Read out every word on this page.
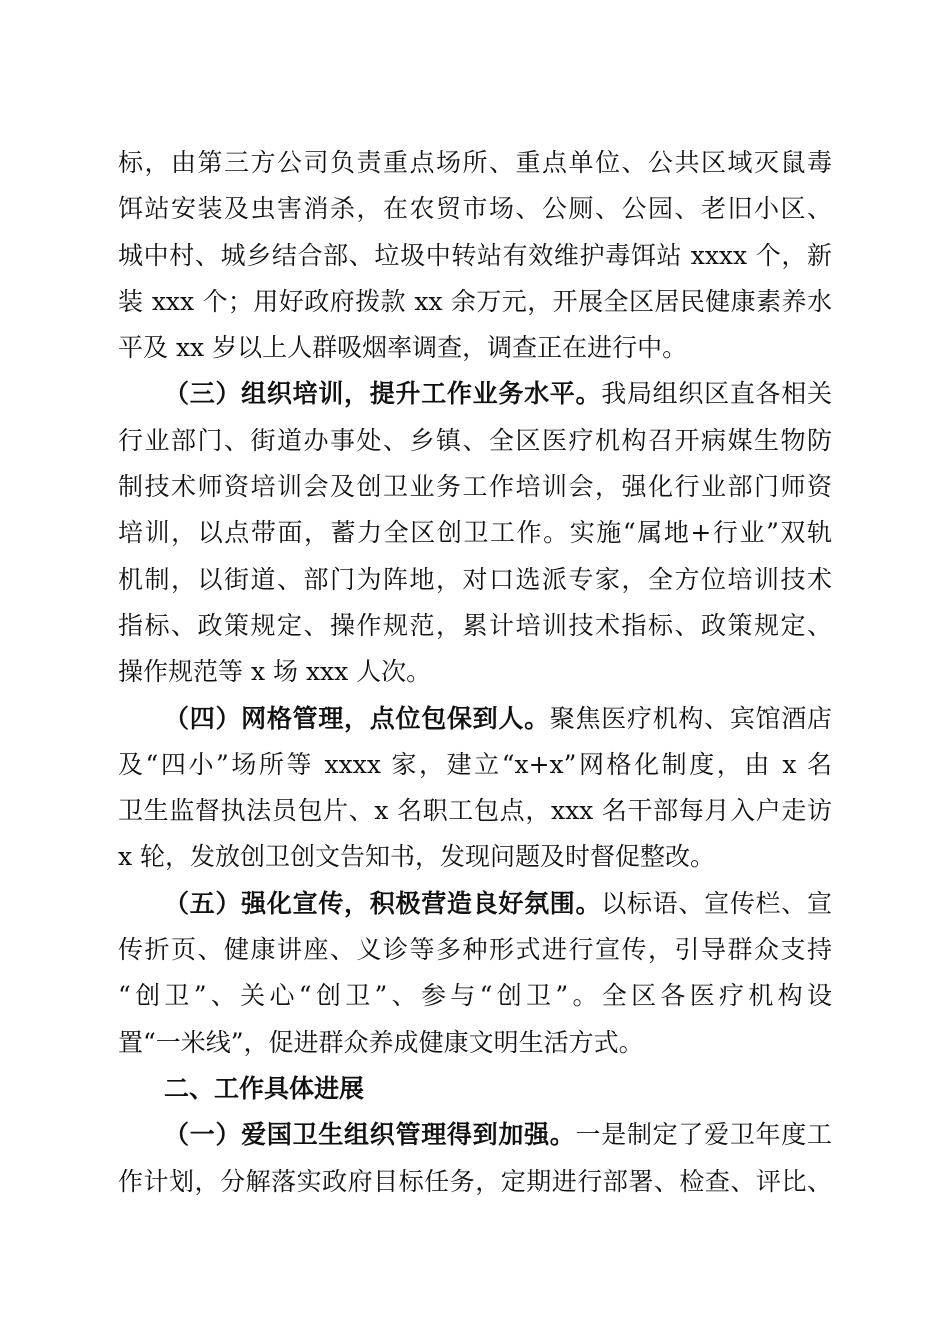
标，由第三方公司负责重点场所、重点单位、公共区域灭鼠毒
饵站安装及虫害消杀，在农贸市场、公厕、公园、老旧小区、
城中村、城乡结合部、垃圾中转站有效维护毒饵站 xxxx 个，新
装 xxx 个；用好政府拨款 xx 余万元，开展全区居民健康素养水
平及 xx 岁以上人群吸烟率调查，调查正在进行中。
（三）组织培训，提升工作业务水平。我局组织区直各相关
行业部门、街道办事处、乡镇、全区医疗机构召开病媒生物防
制技术师资培训会及创卫业务工作培训会，强化行业部门师资
培训，以点带面，蓄力全区创卫工作。实施“属地+行业”双轨
机制，以街道、部门为阵地，对口选派专家，全方位培训技术
指标、政策规定、操作规范，累计培训技术指标、政策规定、
操作规范等 x 场 xxx 人次。
（四）网格管理，点位包保到人。聚焦医疗机构、宾馆酒店
及“四小”场所等 xxxx 家，建立“x+x”网格化制度，由 x 名
卫生监督执法员包片、x 名职工包点，xxx 名干部每月入户走访
x 轮，发放创卫创文告知书，发现问题及时督促整改。
（五）强化宣传，积极营造良好氛围。以标语、宣传栏、宣
传折页、健康讲座、义诊等多种形式进行宣传，引导群众支持
“创卫”、关心“创卫”、参与“创卫”。全区各医疗机构设
置“一米线”，促进群众养成健康文明生活方式。
二、工作具体进展
（一）爱国卫生组织管理得到加强。一是制定了爱卫年度工
作计划，分解落实政府目标任务，定期进行部署、检查、评比、
